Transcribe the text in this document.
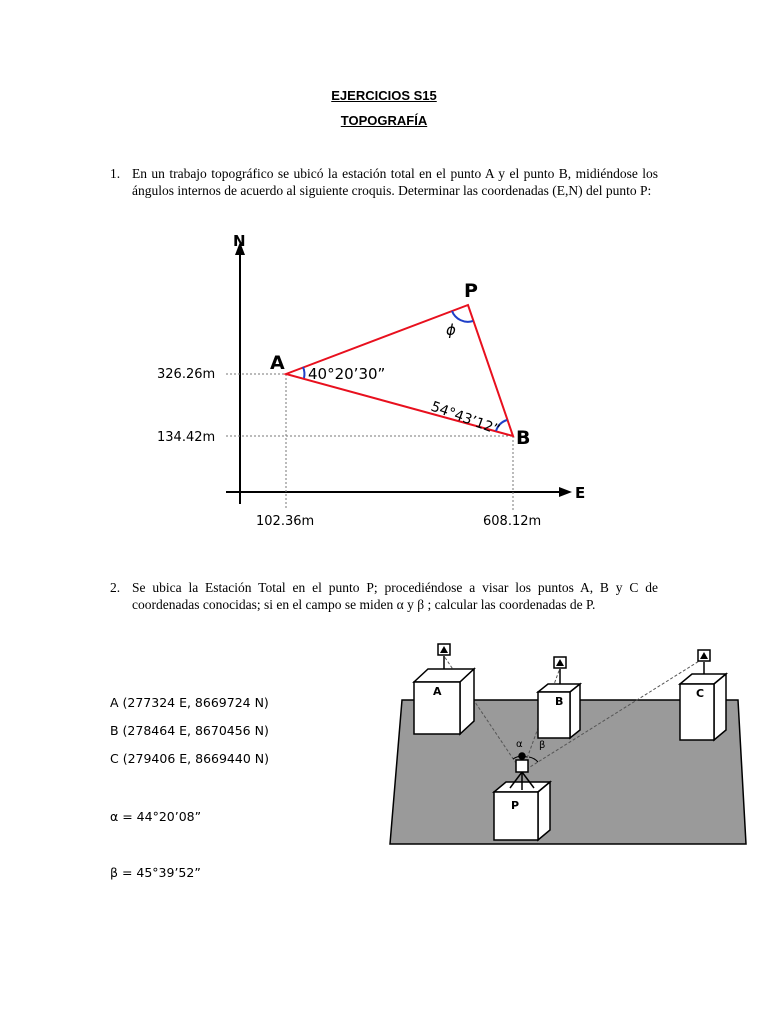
EJERCICIOS S15
TOPOGRAFÍA
1. En un trabajo topográfico se ubicó la estación total en el punto A y el punto B, midiéndose los ángulos internos de acuerdo al siguiente croquis. Determinar las coordenadas (E,N) del punto P:
N
E
A
P
B
40°20’30”
54°43’12”
ϕ
326.26m
134.42m
102.36m	608.12m
2. Se ubica la Estación Total en el punto P; procediéndose a visar los puntos A, B y C de coordenadas conocidas; si en el campo se miden α y β ; calcular las coordenadas de P.
A (277324 E, 8669724 N)
B (278464 E, 8670456 N)
C (279406 E, 8669440 N)
α = 44°20’08”
β = 45°39’52”
A
B
C
P
α β
